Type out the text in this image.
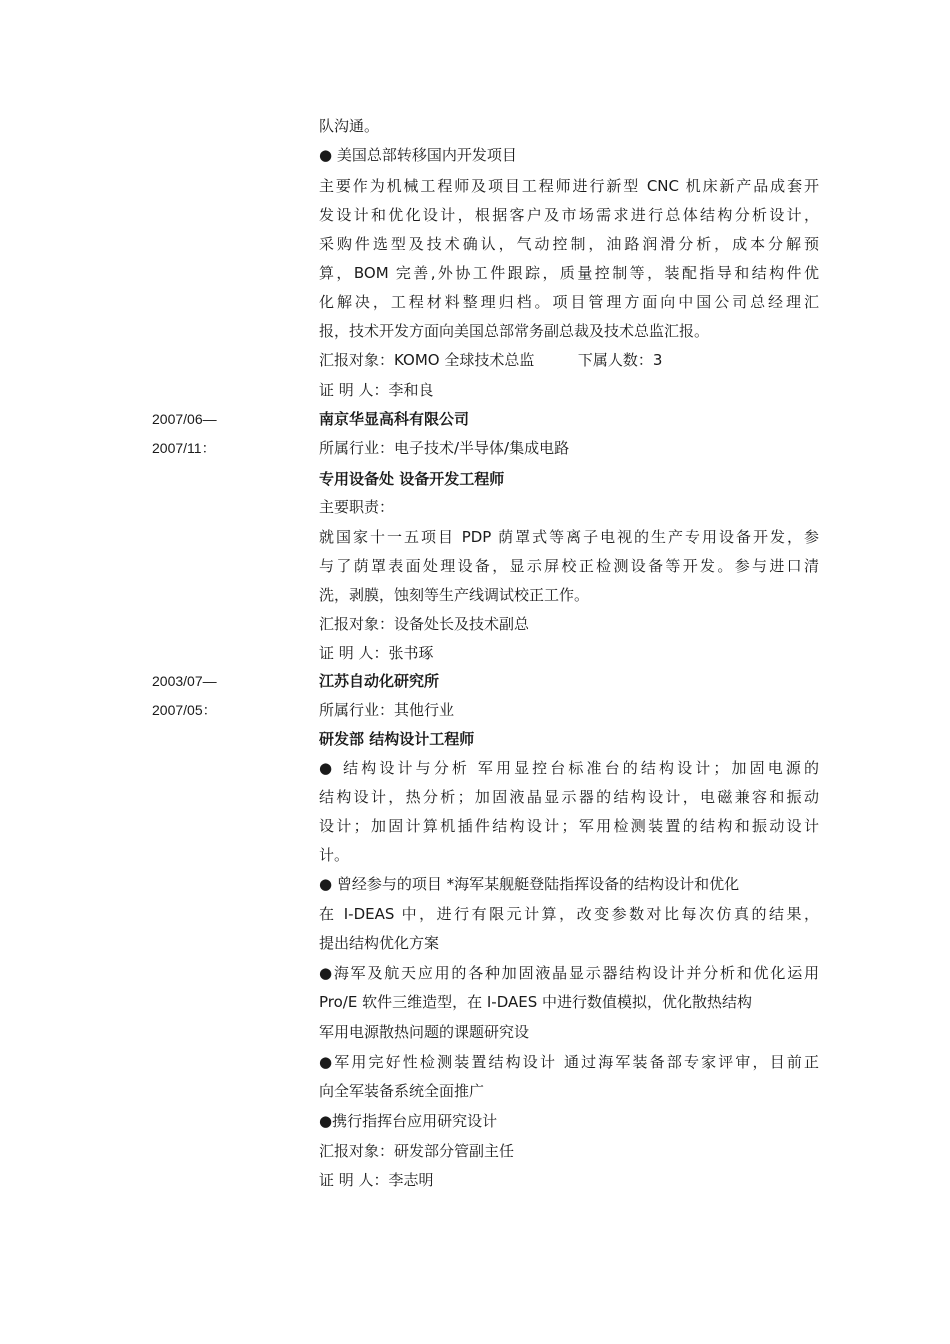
队沟通。
● 美国总部转移国内开发项目
主要作为机械工程师及项目工程师进行新型 CNC 机床新产品成套开
发设计和优化设计，根据客户及市场需求进行总体结构分析设计，
采购件选型及技术确认，气动控制，油路润滑分析，成本分解预
算，BOM 完善,外协工件跟踪，质量控制等，装配指导和结构件优
化解决，工程材料整理归档。项目管理方面向中国公司总经理汇
报，技术开发方面向美国总部常务副总裁及技术总监汇报。
汇报对象：KOMO 全球技术总监	下属人数：3
证 明 人：李和良
2007/06—
2007/11：
南京华显高科有限公司
所属行业：电子技术/半导体/集成电路
专用设备处 设备开发工程师
主要职责：
就国家十一五项目 PDP 荫罩式等离子电视的生产专用设备开发，参
与了荫罩表面处理设备，显示屏校正检测设备等开发。参与进口清
洗，剥膜，蚀刻等生产线调试校正工作。
汇报对象：设备处长及技术副总
证 明 人：张书琢
2003/07—
2007/05：
江苏自动化研究所
所属行业：其他行业
研发部 结构设计工程师
● 结构设计与分析 军用显控台标准台的结构设计；加固电源的
结构设计，热分析；加固液晶显示器的结构设计，电磁兼容和振动
设计；加固计算机插件结构设计；军用检测装置的结构和振动设计
计。
● 曾经参与的项目 *海军某舰艇登陆指挥设备的结构设计和优化
在 I-DEAS 中，进行有限元计算，改变参数对比每次仿真的结果，
提出结构优化方案
●海军及航天应用的各种加固液晶显示器结构设计并分析和优化运用
Pro/E 软件三维造型，在 I-DAES 中进行数值模拟，优化散热结构
军用电源散热问题的课题研究设
●军用完好性检测装置结构设计 通过海军装备部专家评审，目前正
向全军装备系统全面推广
●携行指挥台应用研究设计
汇报对象：研发部分管副主任
证 明 人：李志明
